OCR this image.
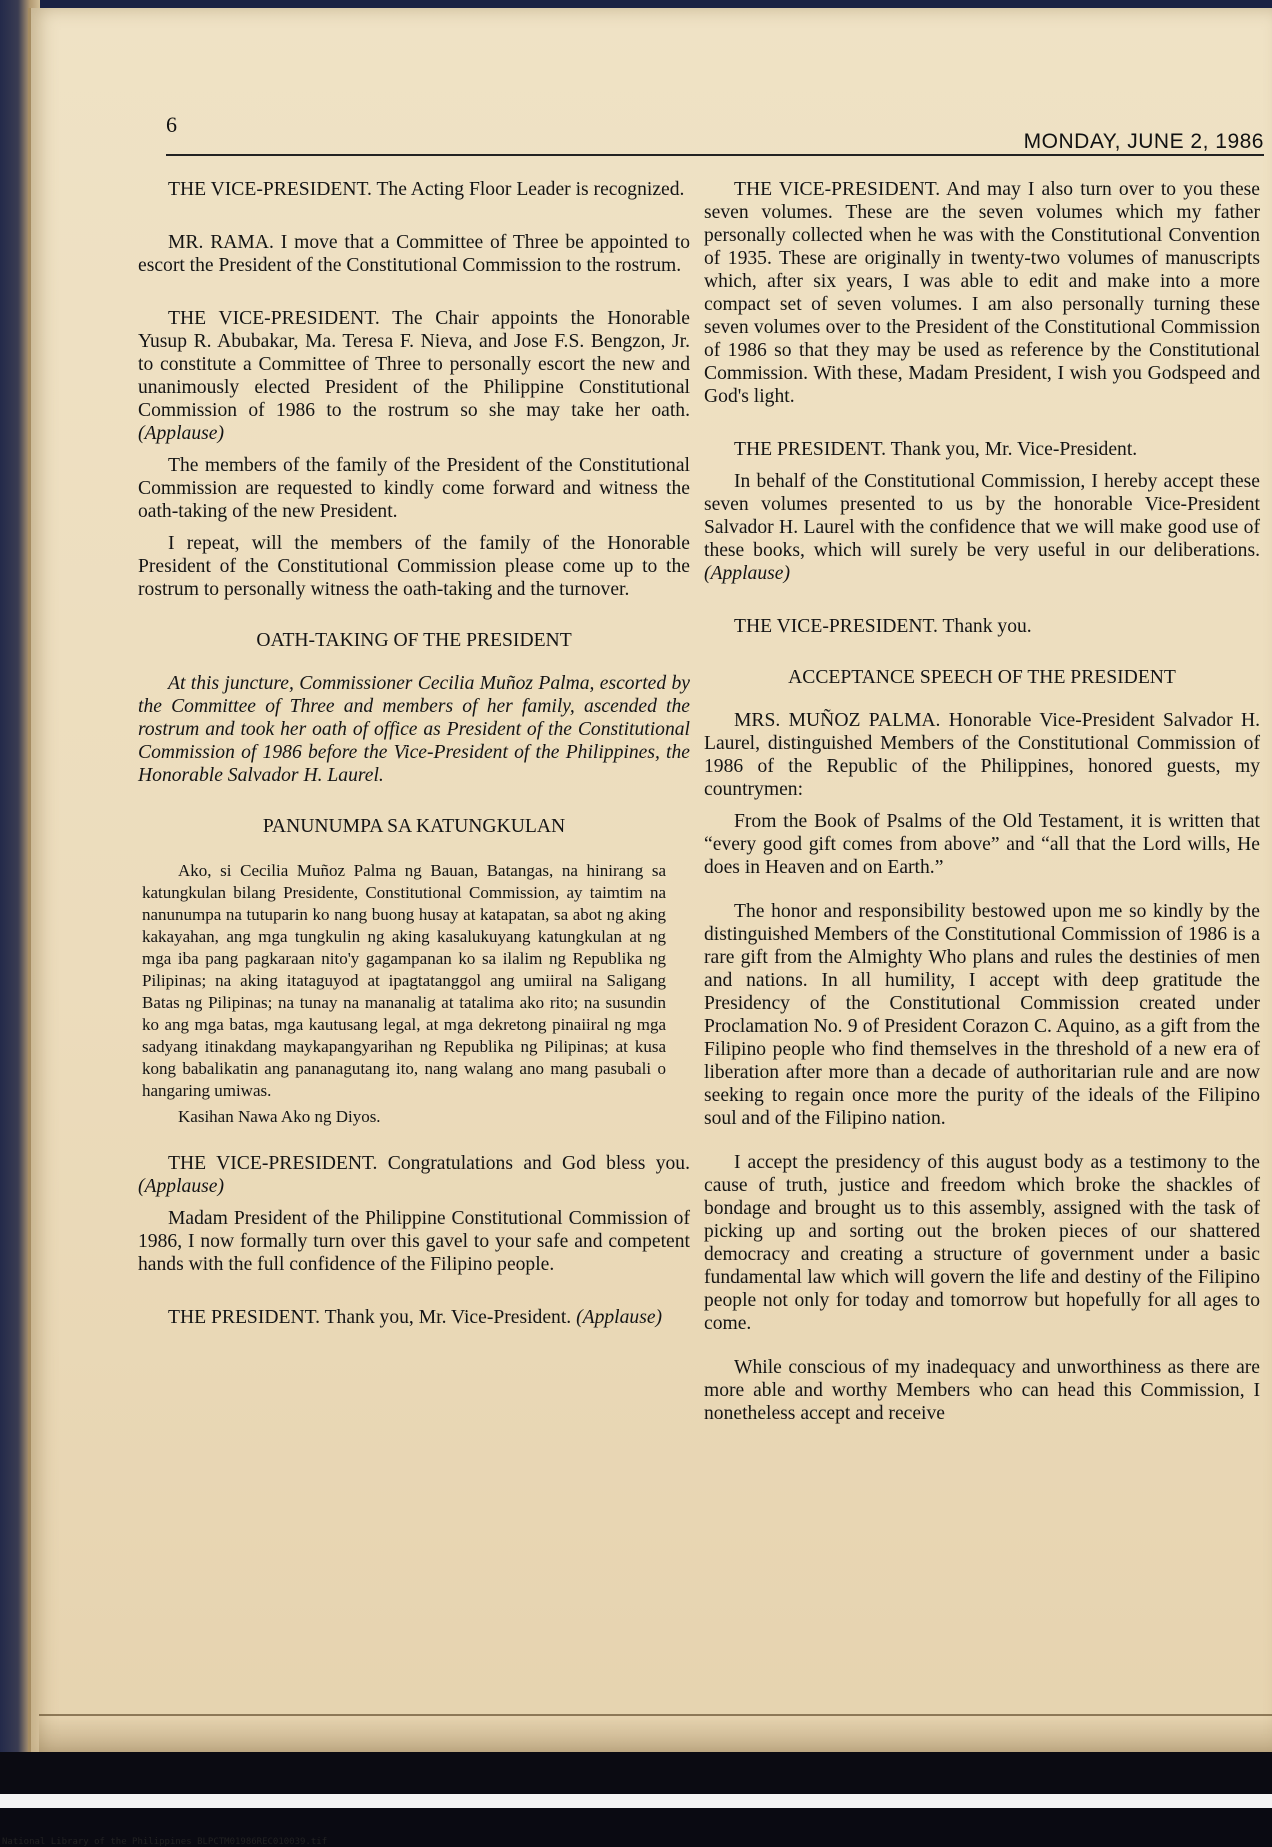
6
MONDAY, JUNE 2, 1986

THE VICE-PRESIDENT. The Acting Floor Leader is recognized.

MR. RAMA. I move that a Committee of Three be appointed to escort the President of the Constitutional Commission to the rostrum.

THE VICE-PRESIDENT. The Chair appoints the Honorable Yusup R. Abubakar, Ma. Teresa F. Nieva, and Jose F.S. Bengzon, Jr. to constitute a Committee of Three to personally escort the new and unanimously elected President of the Philippine Constitutional Commission of 1986 to the rostrum so she may take her oath. (Applause)

The members of the family of the President of the Constitutional Commission are requested to kindly come forward and witness the oath-taking of the new President.

I repeat, will the members of the family of the Honorable President of the Constitutional Commission please come up to the rostrum to personally witness the oath-taking and the turnover.

OATH-TAKING OF THE PRESIDENT

At this juncture, Commissioner Cecilia Muñoz Palma, escorted by the Committee of Three and members of her family, ascended the rostrum and took her oath of office as President of the Constitutional Commission of 1986 before the Vice-President of the Philippines, the Honorable Salvador H. Laurel.

PANUNUMPA SA KATUNGKULAN

Ako, si Cecilia Muñoz Palma ng Bauan, Batangas, na hinirang sa katungkulan bilang Presidente, Constitutional Commission, ay taimtim na nanunumpa na tutuparin ko nang buong husay at katapatan, sa abot ng aking kakayahan, ang mga tungkulin ng aking kasalukuyang katungkulan at ng mga iba pang pagkaraan nito'y gagampanan ko sa ilalim ng Republika ng Pilipinas; na aking itataguyod at ipagtatanggol ang umiiral na Saligang Batas ng Pilipinas; na tunay na mananalig at tatalima ako rito; na susundin ko ang mga batas, mga kautusang legal, at mga dekretong pinaiiral ng mga sadyang itinakdang maykapangyarihan ng Republika ng Pilipinas; at kusa kong babalikatin ang pananagutang ito, nang walang ano mang pasubali o hangaring umiwas.

Kasihan Nawa Ako ng Diyos.

THE VICE-PRESIDENT. Congratulations and God bless you. (Applause)

Madam President of the Philippine Constitutional Commission of 1986, I now formally turn over this gavel to your safe and competent hands with the full confidence of the Filipino people.

THE PRESIDENT. Thank you, Mr. Vice-President. (Applause)

THE VICE-PRESIDENT. And may I also turn over to you these seven volumes. These are the seven volumes which my father personally collected when he was with the Constitutional Convention of 1935. These are originally in twenty-two volumes of manuscripts which, after six years, I was able to edit and make into a more compact set of seven volumes. I am also personally turning these seven volumes over to the President of the Constitutional Commission of 1986 so that they may be used as reference by the Constitutional Commission. With these, Madam President, I wish you Godspeed and God's light.

THE PRESIDENT. Thank you, Mr. Vice-President.

In behalf of the Constitutional Commission, I hereby accept these seven volumes presented to us by the honorable Vice-President Salvador H. Laurel with the confidence that we will make good use of these books, which will surely be very useful in our deliberations. (Applause)

THE VICE-PRESIDENT. Thank you.

ACCEPTANCE SPEECH OF THE PRESIDENT

MRS. MUÑOZ PALMA. Honorable Vice-President Salvador H. Laurel, distinguished Members of the Constitutional Commission of 1986 of the Republic of the Philippines, honored guests, my countrymen:

From the Book of Psalms of the Old Testament, it is written that “every good gift comes from above” and “all that the Lord wills, He does in Heaven and on Earth.”

The honor and responsibility bestowed upon me so kindly by the distinguished Members of the Constitutional Commission of 1986 is a rare gift from the Almighty Who plans and rules the destinies of men and nations. In all humility, I accept with deep gratitude the Presidency of the Constitutional Commission created under Proclamation No. 9 of President Corazon C. Aquino, as a gift from the Filipino people who find themselves in the threshold of a new era of liberation after more than a decade of authoritarian rule and are now seeking to regain once more the purity of the ideals of the Filipino soul and of the Filipino nation.

I accept the presidency of this august body as a testimony to the cause of truth, justice and freedom which broke the shackles of bondage and brought us to this assembly, assigned with the task of picking up and sorting out the broken pieces of our shattered democracy and creating a structure of government under a basic fundamental law which will govern the life and destiny of the Filipino people not only for today and tomorrow but hopefully for all ages to come.

While conscious of my inadequacy and unworthiness as there are more able and worthy Members who can head this Commission, I nonetheless accept and receive

National Library of the Philippines BLPCTM01986REC010039.tif
